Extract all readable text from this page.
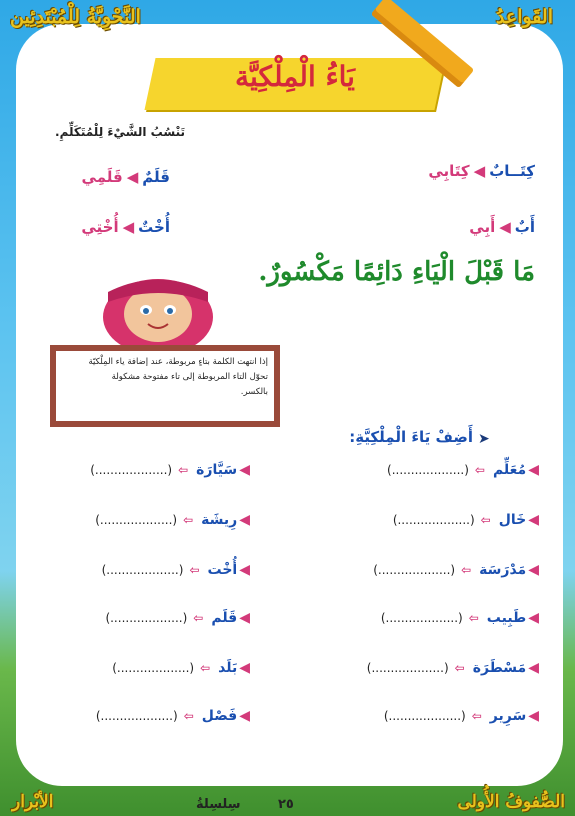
القَواعِدُ
النَّحْوِيَّةُ لِلْمُبْتَدِئِين
يَاءُ الْمِلْكِيَّة
تَنْسُبُ الشَّيْءَ لِلْمُتَكَلِّمِ.
كِتَــابٌ◀كِتَابِي
قَلَمٌ◀قَلَمِي
أَبٌ◀أَبِي
أُخْتٌ◀أُخْتِي
مَا قَبْلَ الْيَاءِ دَائِمًا مَكْسُورٌ.
إذا انتهت الكلمة بتاءٍ مربوطة، عند إضافة ياء المِلْكيّة
تحوّل التاء المربوطة إلى تاء مفتوحة مشكولة
بالكسر.
➤
أَضِفْ يَاءَ الْمِلْكِيَّةِ:
◀مُعَلِّم⇦(...................)
◀خَال⇦(...................)
◀مَدْرَسَة⇦(...................)
◀طَبِيب⇦(...................)
◀مَسْطَرَة⇦(...................)
◀سَرِير⇦(...................)
◀سَيَّارَة⇦(...................)
◀رِيشَة⇦(...................)
◀أُخْت⇦(...................)
◀قَلَم⇦(...................)
◀بَلَد⇦(...................)
◀فَصْل⇦(...................)
الصُّفوفُ الأُولى
٢٥
سِلسِلةُ
الأبْرار
